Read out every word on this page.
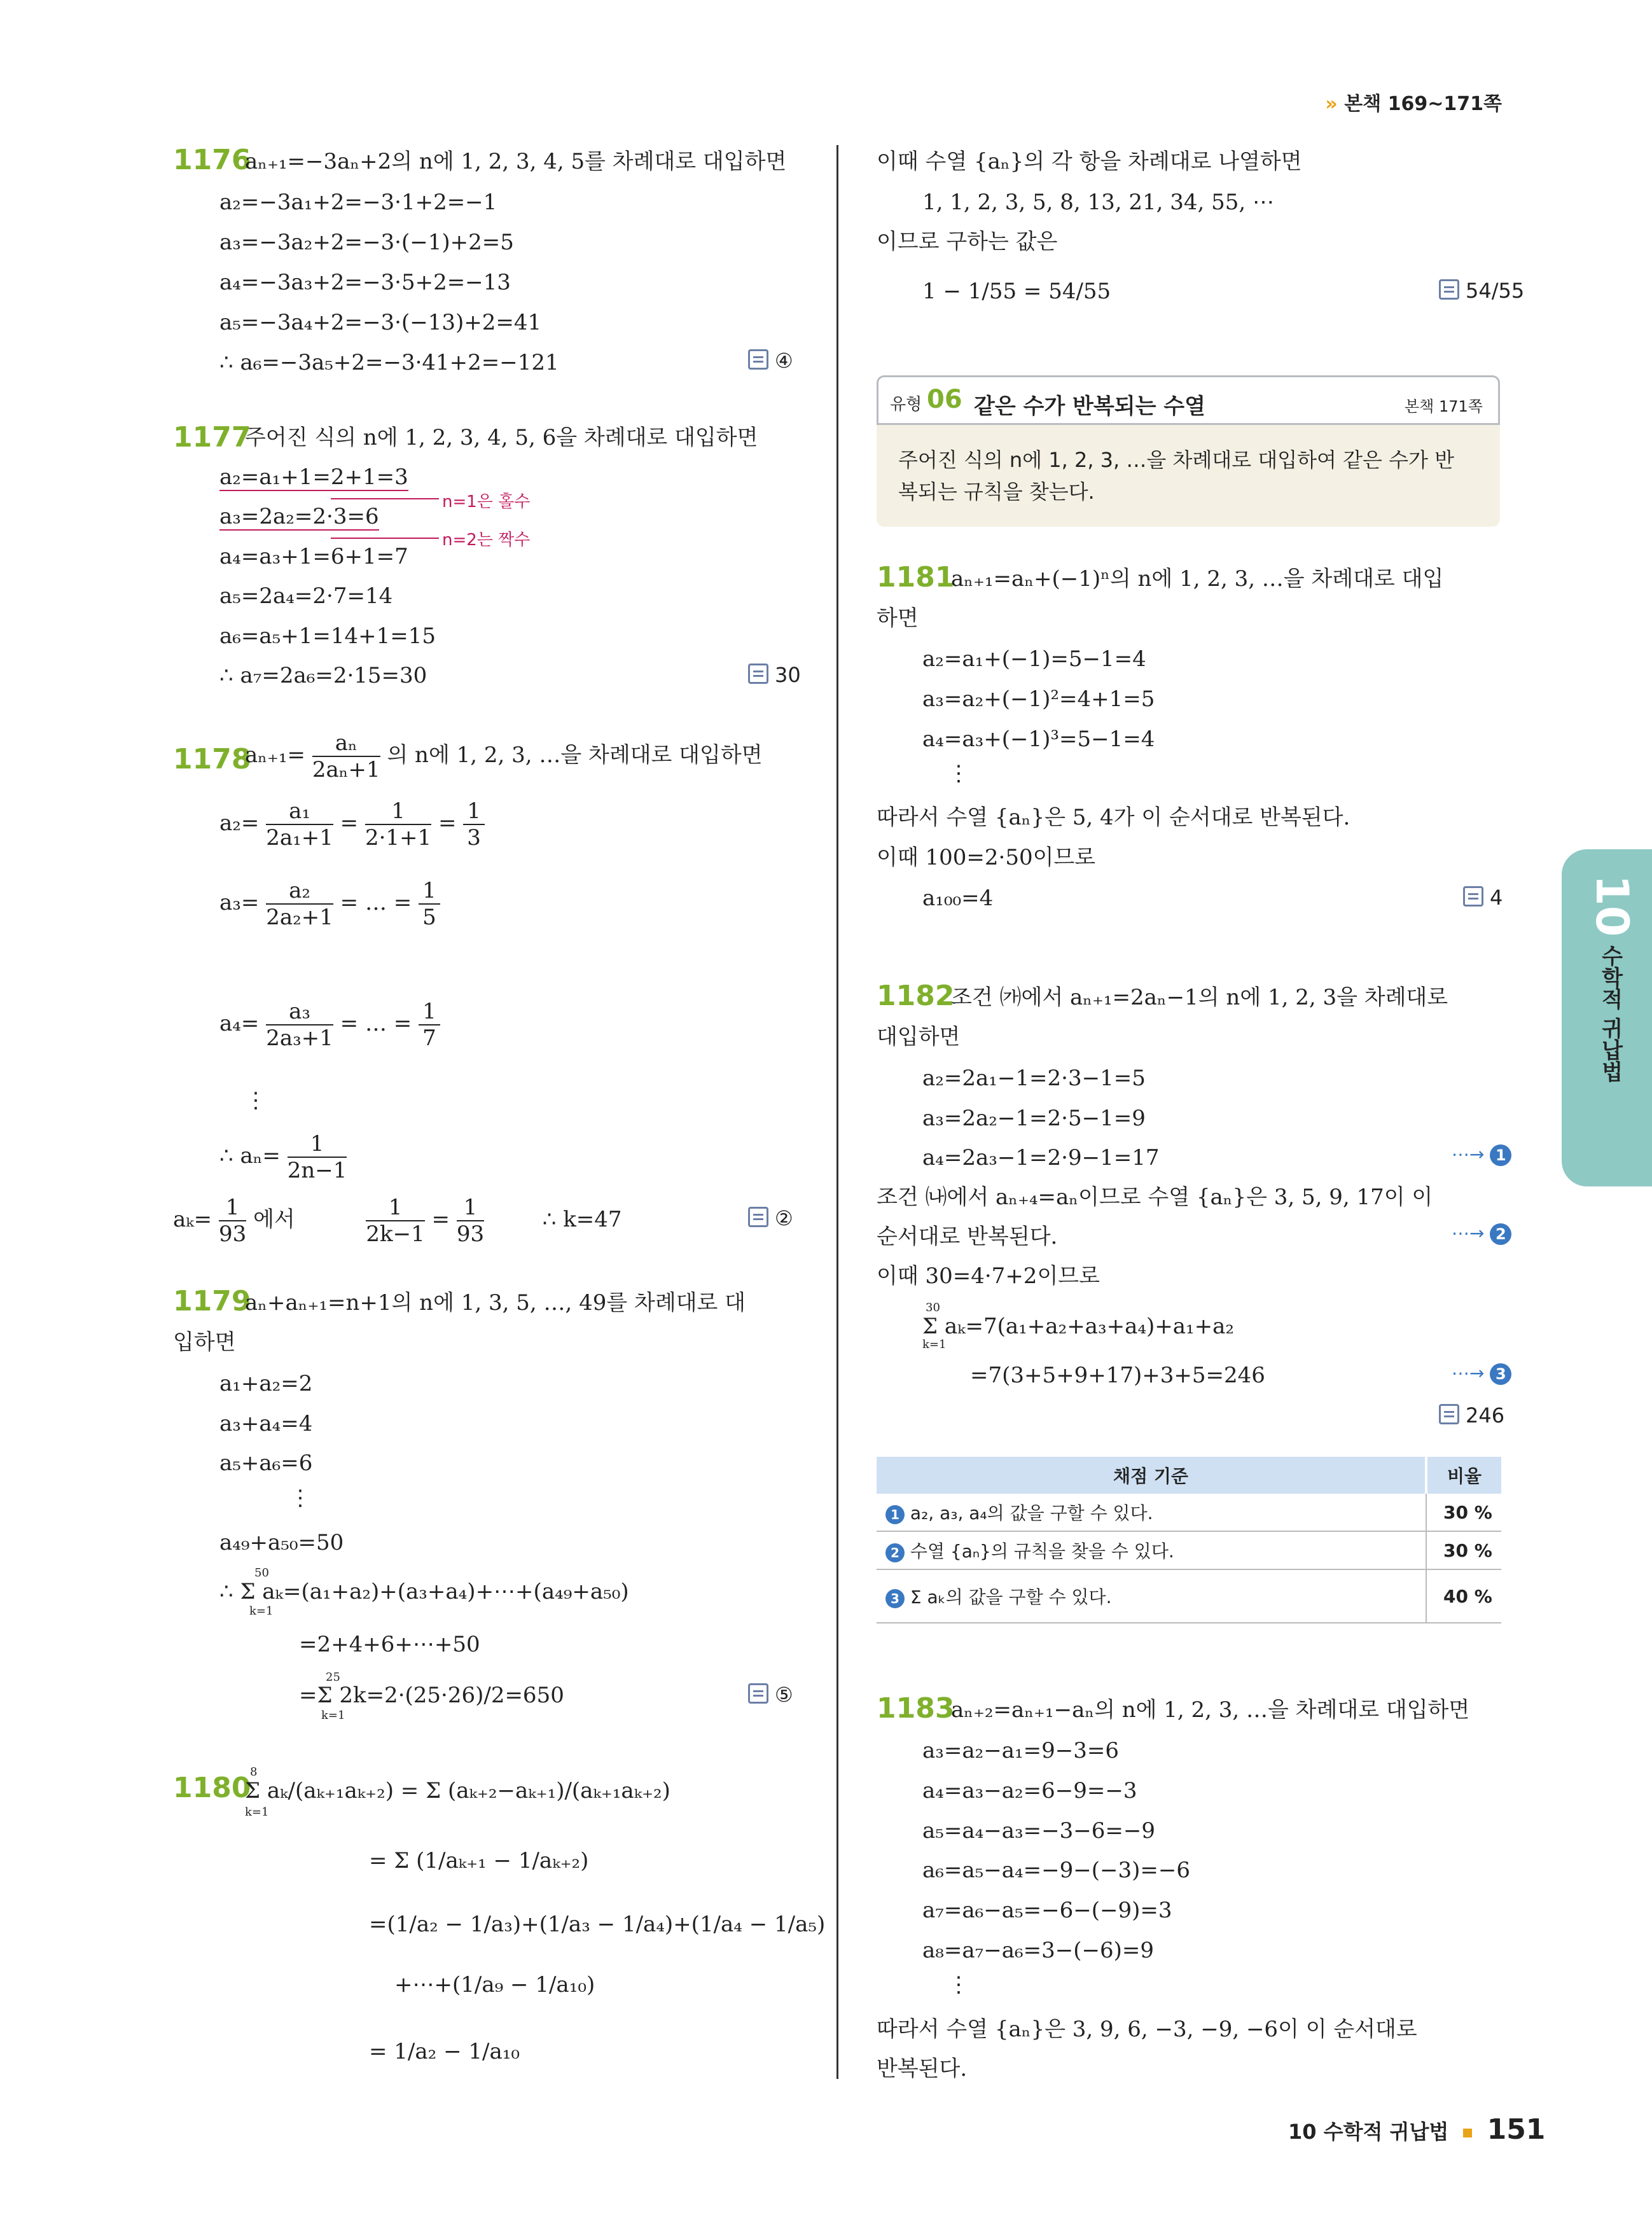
» 본책 169~171쪽
10
수학적 귀납법
1176
aₙ₊₁=−3aₙ+2의 n에 1, 2, 3, 4, 5를 차례대로 대입하면
a₂=−3a₁+2=−3·1+2=−1
a₃=−3a₂+2=−3·(−1)+2=5
a₄=−3a₃+2=−3·5+2=−13
a₅=−3a₄+2=−3·(−13)+2=41
∴ a₆=−3a₅+2=−3·41+2=−121	④
1177
주어진 식의 n에 1, 2, 3, 4, 5, 6을 차례대로 대입하면
a₂=a₁+1=2+1=3
n=1은 홀수
a₃=2a₂=2·3=6
n=2는 짝수
a₄=a₃+1=6+1=7
a₅=2a₄=2·7=14
a₆=a₅+1=14+1=15
∴ a₇=2a₆=2·15=30	30
1178
$a_{n+1}= \frac{\text{aₙ}}{\text{2aₙ+1}}$ 의 n에 1, 2, 3, …을 차례대로 대입하면
$a_2= \frac{\text{a₁}}{\text{2a₁+1}} = \frac{1}{2\cdot 1+1} = \frac{1}{3}$
$a_3= \frac{\text{a₂}}{\text{2a₂+1}}$ = … = $\frac{1}{5}$
$a_4= \frac{\text{a₃}}{\text{2a₃+1}}$ = … = $\frac{1}{7}$
⋮
∴ $a_n= \frac{1}{2n-1}$
$a_k= \frac{1}{93}$ 에서	$\frac{1}{2k-1} = \frac{1}{93}$	∴ k=47	②
1179
aₙ+aₙ₊₁=n+1의 n에 1, 3, 5, …, 49를 차례대로 대
입하면
a₁+a₂=2
a₃+a₄=4
a₅+a₆=6
⋮
a₄₉+a₅₀=50
∴ Σ aₖ=(a₁+a₂)+(a₃+a₄)+⋯+(a₄₉+a₅₀)
50
k=1
=2+4+6+⋯+50
=Σ 2k=2·(25·26)/2=650
25
k=1
⑤
1180
Σ aₖ/(aₖ₊₁aₖ₊₂) = Σ (aₖ₊₂−aₖ₊₁)/(aₖ₊₁aₖ₊₂)
8
k=1
= Σ (1/aₖ₊₁ − 1/aₖ₊₂)
=(1/a₂ − 1/a₃)+(1/a₃ − 1/a₄)+(1/a₄ − 1/a₅)
+⋯+(1/a₉ − 1/a₁₀)
= 1/a₂ − 1/a₁₀
이때 수열 {aₙ}의 각 항을 차례대로 나열하면
1, 1, 2, 3, 5, 8, 13, 21, 34, 55, ⋯
이므로 구하는 값은
1 − 1/55 = 54/55	54/55
유형 06 같은 수가 반복되는 수열	본책 171쪽
주어진 식의 n에 1, 2, 3, …을 차례대로 대입하여 같은 수가 반
복되는 규칙을 찾는다.
1181
aₙ₊₁=aₙ+(−1)ⁿ의 n에 1, 2, 3, …을 차례대로 대입
하면
a₂=a₁+(−1)=5−1=4
a₃=a₂+(−1)²=4+1=5
a₄=a₃+(−1)³=5−1=4
⋮
따라서 수열 {aₙ}은 5, 4가 이 순서대로 반복된다.
이때 100=2·50이므로
a₁₀₀=4	4
1182
조건 ㈎에서 aₙ₊₁=2aₙ−1의 n에 1, 2, 3을 차례대로
대입하면
a₂=2a₁−1=2·3−1=5
a₃=2a₂−1=2·5−1=9
a₄=2a₃−1=2·9−1=17	⋯→ 1
조건 ㈏에서 aₙ₊₄=aₙ이므로 수열 {aₙ}은 3, 5, 9, 17이 이
순서대로 반복된다.	⋯→ 2
이때 30=4·7+2이므로
Σ aₖ=7(a₁+a₂+a₃+a₄)+a₁+a₂
30
k=1
=7(3+5+9+17)+3+5=246	⋯→ 3
246
채점 기준	비율
1 a₂, a₃, a₄의 값을 구할 수 있다.	30 %
2 수열 {aₙ}의 규칙을 찾을 수 있다.	30 %
3 Σ aₖ의 값을 구할 수 있다.	40 %
1183
aₙ₊₂=aₙ₊₁−aₙ의 n에 1, 2, 3, …을 차례대로 대입하면
a₃=a₂−a₁=9−3=6
a₄=a₃−a₂=6−9=−3
a₅=a₄−a₃=−3−6=−9
a₆=a₅−a₄=−9−(−3)=−6
a₇=a₆−a₅=−6−(−9)=3
a₈=a₇−a₆=3−(−6)=9
⋮
따라서 수열 {aₙ}은 3, 9, 6, −3, −9, −6이 이 순서대로
반복된다.
10 수학적 귀납법 151
